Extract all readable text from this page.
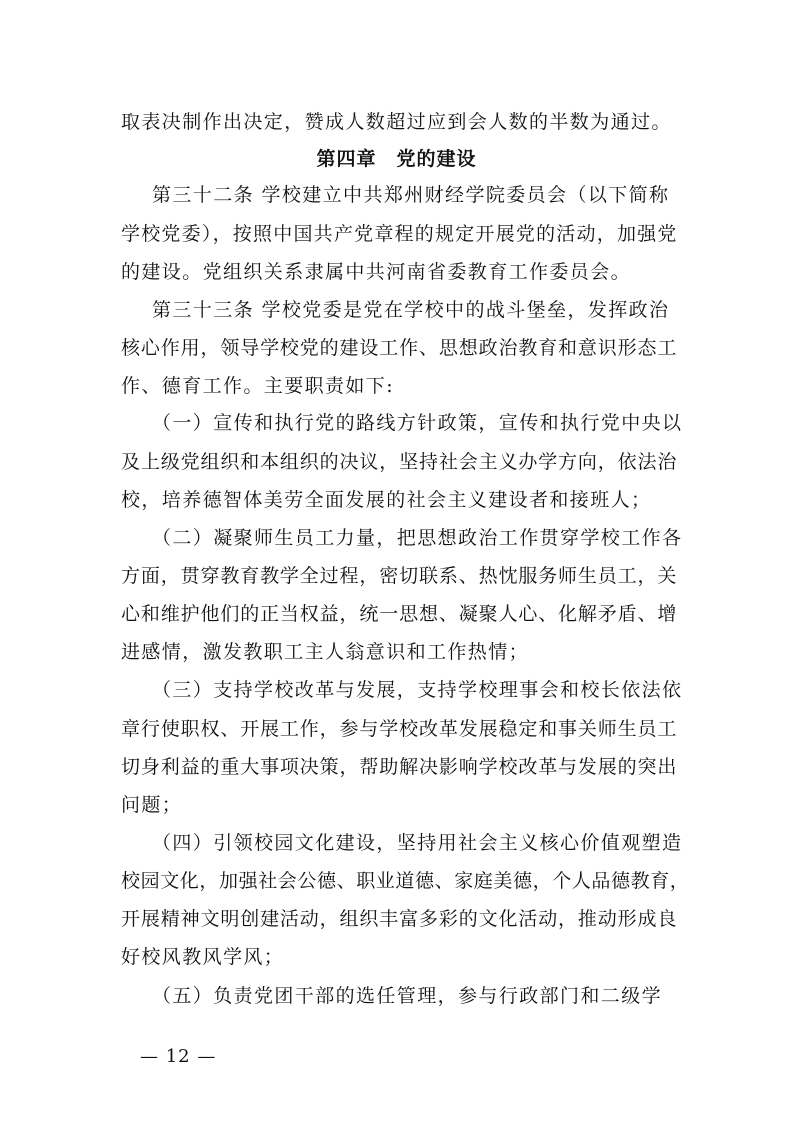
取表决制作出决定，赞成人数超过应到会人数的半数为通过。
第四章　党的建设
第三十二条 学校建立中共郑州财经学院委员会（以下简称
学校党委），按照中国共产党章程的规定开展党的活动，加强党
的建设。党组织关系隶属中共河南省委教育工作委员会。
第三十三条 学校党委是党在学校中的战斗堡垒，发挥政治
核心作用，领导学校党的建设工作、思想政治教育和意识形态工
作、德育工作。主要职责如下:
（一）宣传和执行党的路线方针政策，宣传和执行党中央以
及上级党组织和本组织的决议，坚持社会主义办学方向，依法治
校，培养德智体美劳全面发展的社会主义建设者和接班人；
（二）凝聚师生员工力量，把思想政治工作贯穿学校工作各
方面，贯穿教育教学全过程，密切联系、热忱服务师生员工，关
心和维护他们的正当权益，统一思想、凝聚人心、化解矛盾、增
进感情，激发教职工主人翁意识和工作热情；
（三）支持学校改革与发展，支持学校理事会和校长依法依
章行使职权、开展工作，参与学校改革发展稳定和事关师生员工
切身利益的重大事项决策，帮助解决影响学校改革与发展的突出
问题；
（四）引领校园文化建设，坚持用社会主义核心价值观塑造
校园文化，加强社会公德、职业道德、家庭美德，个人品德教育，
开展精神文明创建活动，组织丰富多彩的文化活动，推动形成良
好校风教风学风；
（五）负责党团干部的选任管理，参与行政部门和二级学
— 12 —
